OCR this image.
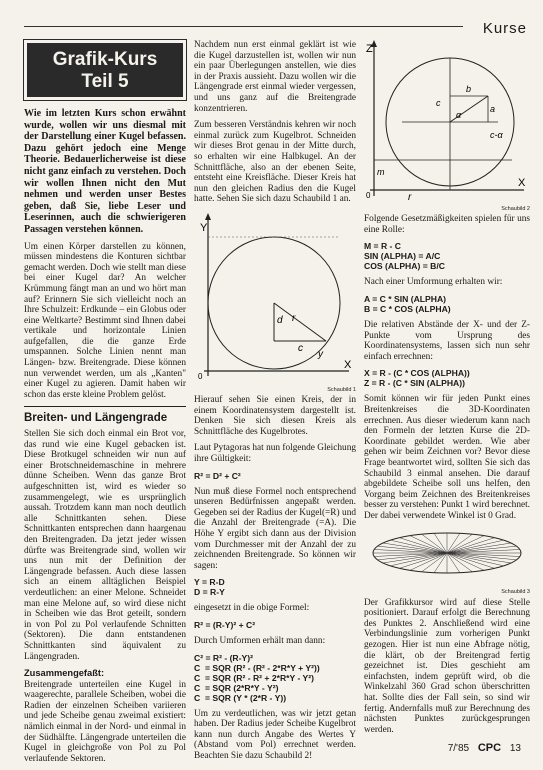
Kurse
Grafik-Kurs
Teil 5

Wie im letzten Kurs schon erwähnt wurde, wollen wir uns diesmal mit der Darstellung einer Kugel befassen. Dazu gehört jedoch eine Menge Theorie. Bedauerlicherweise ist diese nicht ganz einfach zu verstehen. Doch wir wollen Ihnen nicht den Mut nehmen und werden unser Bestes geben, daß Sie, liebe Leser und Leserinnen, auch die schwierigeren Passagen verstehen können.

Um einen Körper darstellen zu können, müssen mindestens die Konturen sichtbar gemacht werden. Doch wie stellt man diese bei einer Kugel dar? An welcher Krümmung fängt man an und wo hört man auf? Erinnern Sie sich vielleicht noch an Ihre Schulzeit: Erdkunde – ein Globus oder eine Weltkarte? Bestimmt sind Ihnen dabei vertikale und horizontale Linien aufgefallen, die die ganze Erde umspannen. Solche Linien nennt man Längen- bzw. Breitengrade. Diese können nun verwendet werden, um als „Kanten" einer Kugel zu agieren. Damit haben wir schon das erste kleine Problem gelöst.

Breiten- und Längengrade

Stellen Sie sich doch einmal ein Brot vor, das rund wie eine Kugel gebacken ist. Diese Brotkugel schneiden wir nun auf einer Brotschneidemaschine in mehrere dünne Scheiben. Wenn das ganze Brot aufgeschnitten ist, wird es wieder so zusammengelegt, wie es ursprünglich aussah. Trotzdem kann man noch deutlich alle Schnittkanten sehen. Diese Schnittkanten entsprechen dann haargenau den Breitengraden. Da jetzt jeder wissen dürfte was Breitengrade sind, wollen wir uns nun mit der Definition der Längengrade befassen. Auch diese lassen sich an einem alltäglichen Beispiel verdeutlichen: an einer Melone. Schneidet man eine Melone auf, so wird diese nicht in Scheiben wie das Brot geteilt, sondern in von Pol zu Pol verlaufende Schnitten (Sektoren). Die dann entstandenen Schnittkanten sind äquivalent zu Längengraden.

Zusammengefaßt:

Breitengrade unterteilen eine Kugel in waagerechte, parallele Scheiben, wobei die Radien der einzelnen Scheiben variieren und jede Scheibe genau zweimal existiert: nämlich einmal in der Nord- und einmal in der Südhälfte. Längengrade unterteilen die Kugel in gleichgroße von Pol zu Pol verlaufende Sektoren.

Nachdem nun erst einmal geklärt ist wie die Kugel darzustellen ist, wollen wir nun ein paar Überlegungen anstellen, wie dies in der Praxis aussieht. Dazu wollen wir die Längengrade erst einmal wieder vergessen, und uns ganz auf die Breitengrade konzentrieren.

Zum besseren Verständnis kehren wir noch einmal zurück zum Kugelbrot. Schneiden wir dieses Brot genau in der Mitte durch, so erhalten wir eine Halbkugel. An der Schnittfläche, also an der ebenen Seite, entsteht eine Kreisfläche. Dieser Kreis hat nun den gleichen Radius den die Kugel hatte. Sehen Sie sich dazu Schaubild 1 an.

Y
X
r
d
c
y
0
Schaubild 1

Hierauf sehen Sie einen Kreis, der in einem Koordinatensystem dargestellt ist. Denken Sie sich diesen Kreis als Schnittfläche des Kugelbrotes.

Laut Pytagoras hat nun folgende Gleichung ihre Gültigkeit:

R² = D² + C²

Nun muß diese Formel noch entsprechend unseren Bedürfnissen angepaßt werden. Gegeben sei der Radius der Kugel(=R) und die Anzahl der Breitengrade (=A). Die Höhe Y ergibt sich dann aus der Division vom Durchmesser mit der Anzahl der zu zeichnenden Breitengrade. So können wir sagen:

Y = R-D
D = R-Y

eingesetzt in die obige Formel:

R² = (R-Y)² + C²

Durch Umformen erhält man dann:

C² = R² - (R-Y)²
C  = SQR (R² - (R² - 2*R*Y + Y²))
C  = SQR (R² - R² + 2*R*Y - Y²)
C  = SQR (2*R*Y - Y²)
C  = SQR (Y * (2*R - Y))

Um zu verdeutlichen, was wir jetzt getan haben. Der Radius jeder Scheibe Kugelbrot kann nun durch Angabe des Wertes Y (Abstand vom Pol) errechnet werden. Beachten Sie dazu Schaubild 2!

Z
X
0	r
m
c
c-α
a
b
α
Schaubild 2

Folgende Gesetzmäßigkeiten spielen für uns eine Rolle:

M = R - C
SIN (ALPHA) = A/C
COS (ALPHA) = B/C

Nach einer Umformung erhalten wir:

A = C * SIN (ALPHA)
B = C * COS (ALPHA)

Die relativen Abstände der X- und der Z-Punkte vom Ursprung des Koordinatensystems, lassen sich nun sehr einfach errechnen:

X = R - (C * COS (ALPHA))
Z = R - (C * SIN (ALPHA))

Somit können wir für jeden Punkt eines Breitenkreises die 3D-Koordinaten errechnen. Aus dieser wiederum kann nach den Formeln der letzten Kurse die 2D-Koordinate gebildet werden. Wie aber gehen wir beim Zeichnen vor? Bevor diese Frage beantwortet wird, sollten Sie sich das Schaubild 3 einmal ansehen. Die darauf abgebildete Scheibe soll uns helfen, den Vorgang beim Zeichnen des Breitenkreises besser zu verstehen: Punkt 1 wird berechnet. Der dabei verwendete Winkel ist 0 Grad.

Schaubild 3

Der Grafikkursor wird auf diese Stelle positioniert. Darauf erfolgt die Berechnung des Punktes 2. Anschließend wird eine Verbindungslinie zum vorherigen Punkt gezogen. Hier ist nun eine Abfrage nötig, die klärt, ob der Breitengrad fertig gezeichnet ist. Dies geschieht am einfachsten, indem geprüft wird, ob die Winkelzahl 360 Grad schon überschritten hat. Sollte dies der Fall sein, so sind wir fertig. Andernfalls muß zur Berechnung des nächsten Punktes zurückgesprungen werden.

7/'85 CPC 13
